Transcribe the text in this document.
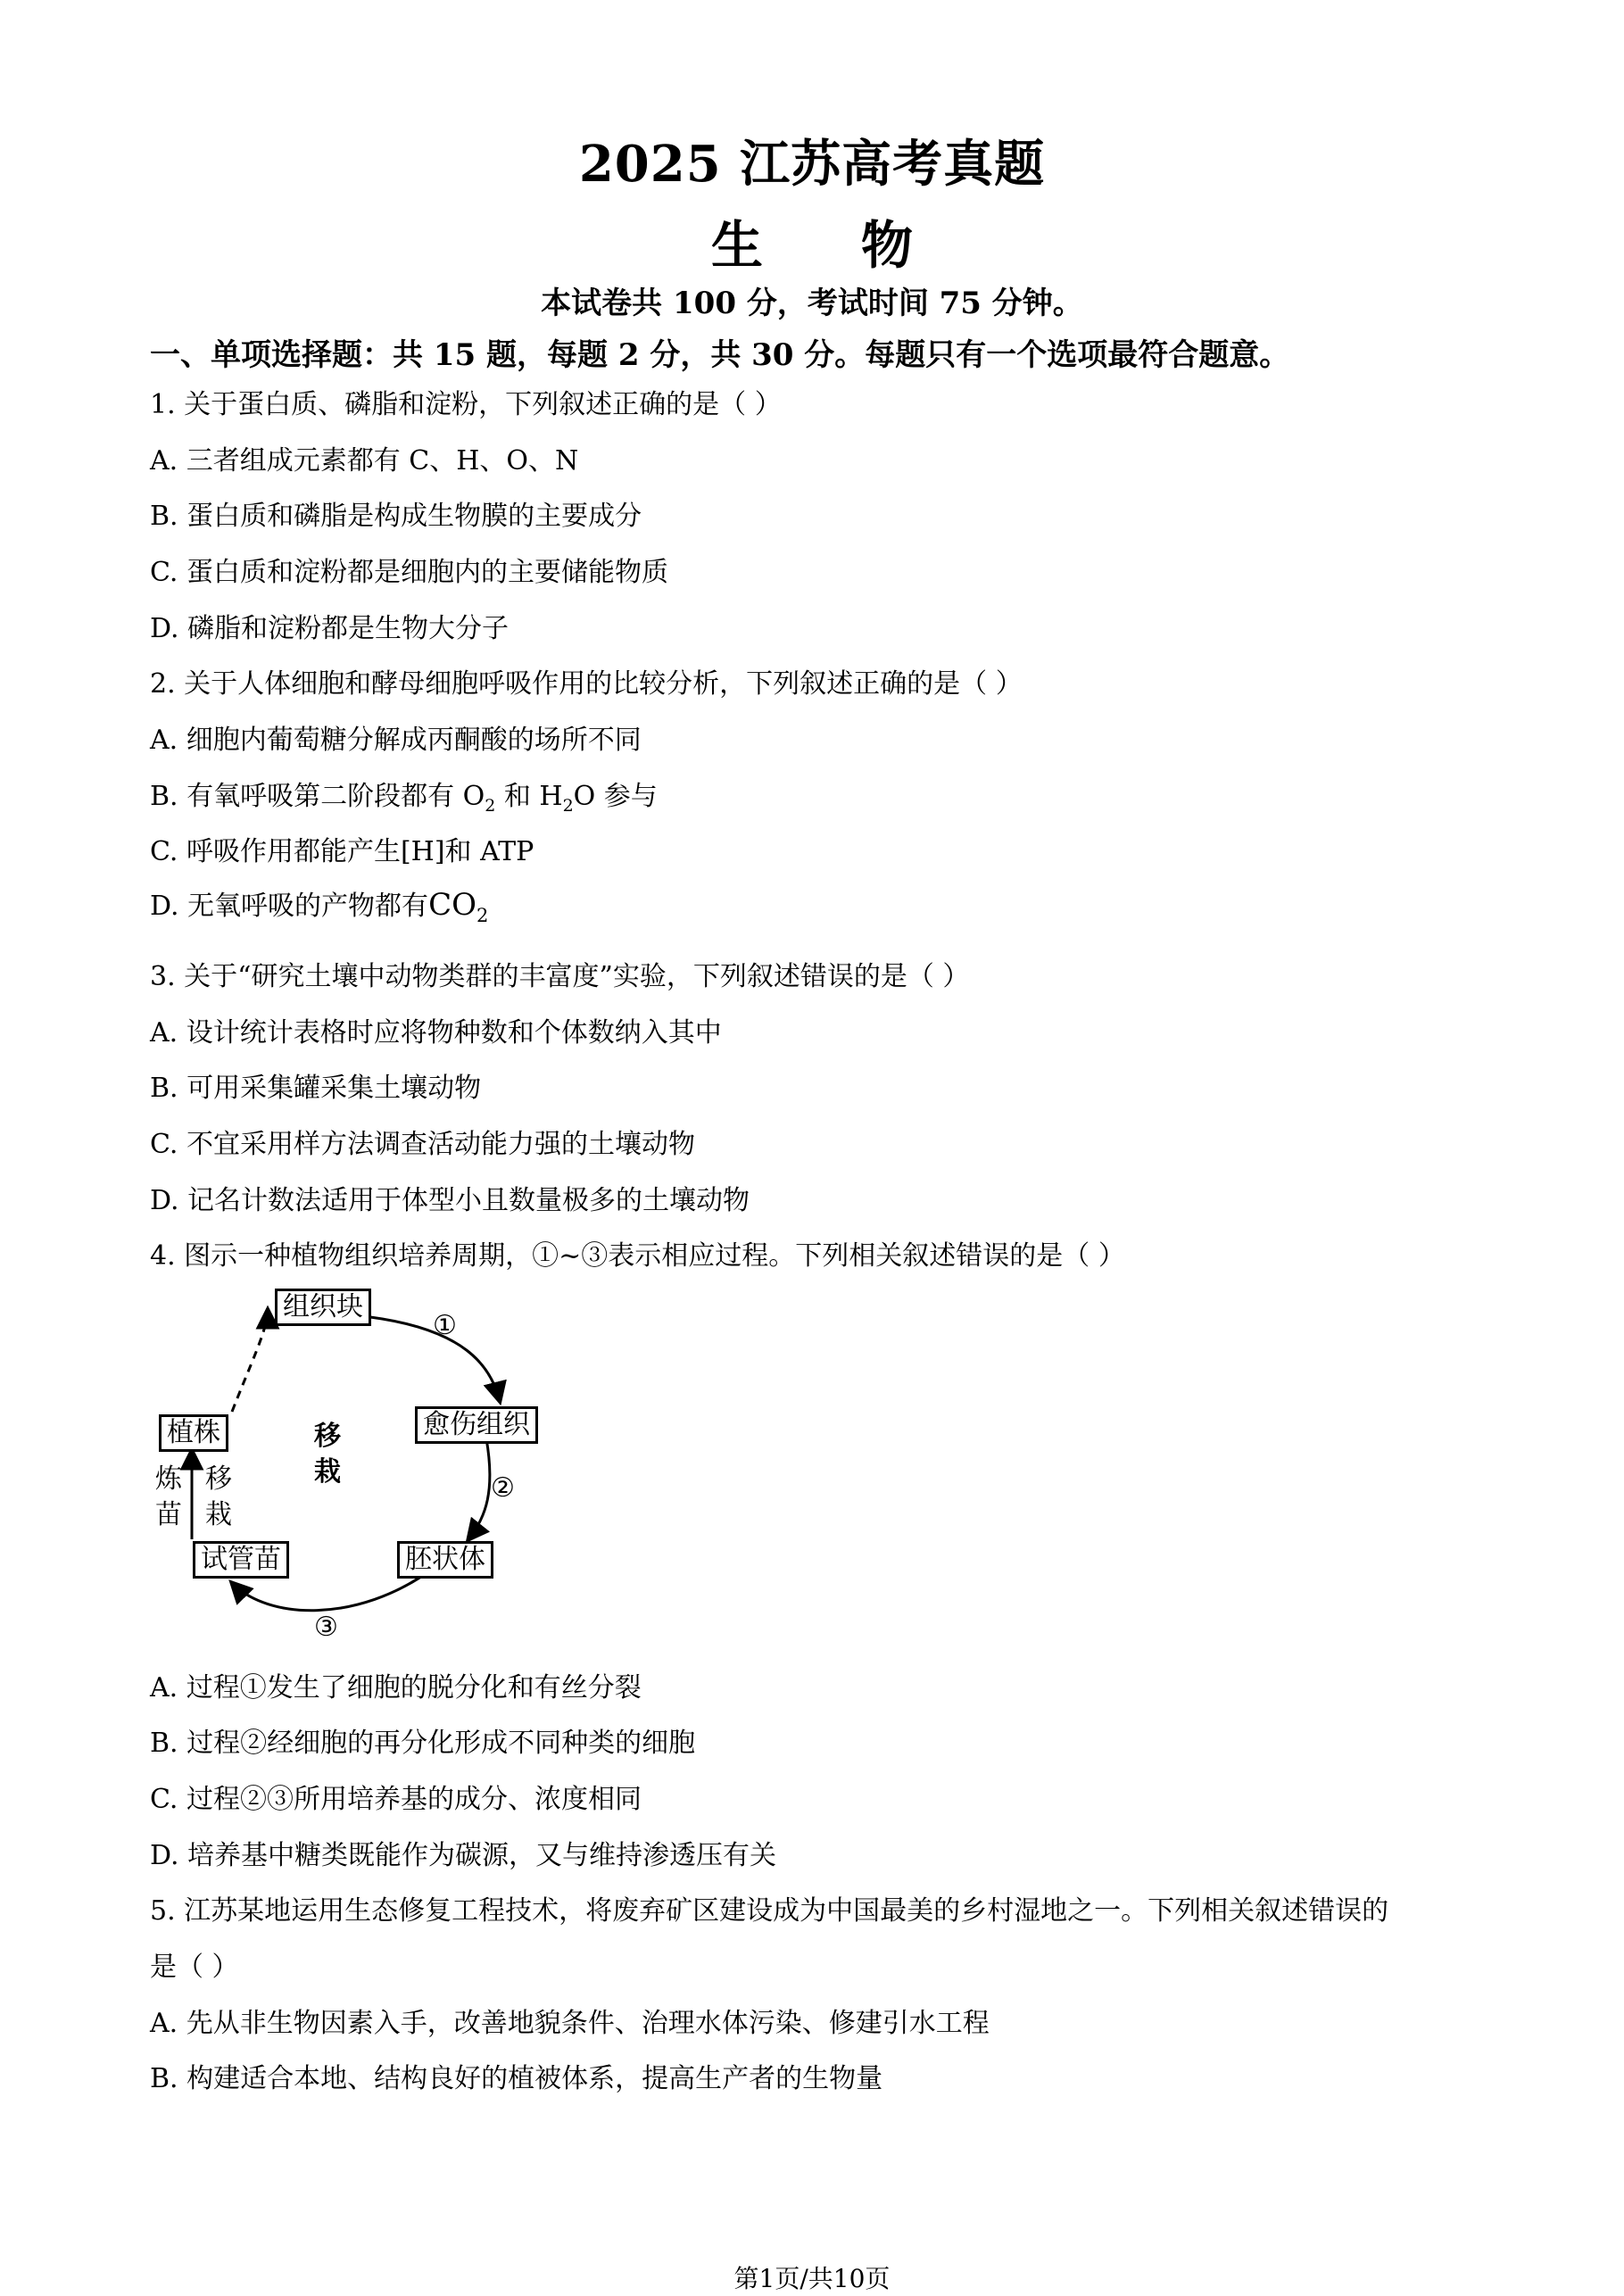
2025 江苏高考真题
生 物
本试卷共 100 分，考试时间 75 分钟。
一、单项选择题：共 15 题，每题 2 分，共 30 分。每题只有一个选项最符合题意。
1. 关于蛋白质、磷脂和淀粉，下列叙述正确的是（ ）
A. 三者组成元素都有 C、H、O、N
B. 蛋白质和磷脂是构成生物膜的主要成分
C. 蛋白质和淀粉都是细胞内的主要储能物质
D. 磷脂和淀粉都是生物大分子
2. 关于人体细胞和酵母细胞呼吸作用的比较分析，下列叙述正确的是（ ）
A. 细胞内葡萄糖分解成丙酮酸的场所不同
B. 有氧呼吸第二阶段都有 $O_2$ 和 $H_2O$ 参与
C. 呼吸作用都能产生[H]和 ATP
D. 无氧呼吸的产物都有$CO_2$
3. 关于“研究土壤中动物类群的丰富度”实验，下列叙述错误的是（ ）
A. 设计统计表格时应将物种数和个体数纳入其中
B. 可用采集罐采集土壤动物
C. 不宜采用样方法调查活动能力强的土壤动物
D. 记名计数法适用于体型小且数量极多的土壤动物
4. 图示一种植物组织培养周期，①~③表示相应过程。下列相关叙述错误的是（ ）
组织块
愈伤组织
胚状体
试管苗
植株
①
②
③
移
栽
炼
苗
移
栽
A. 过程①发生了细胞的脱分化和有丝分裂
B. 过程②经细胞的再分化形成不同种类的细胞
C. 过程②③所用培养基的成分、浓度相同
D. 培养基中糖类既能作为碳源，又与维持渗透压有关
5. 江苏某地运用生态修复工程技术，将废弃矿区建设成为中国最美的乡村湿地之一。下列相关叙述错误的
是（ ）
A. 先从非生物因素入手，改善地貌条件、治理水体污染、修建引水工程
B. 构建适合本地、结构良好的植被体系，提高生产者的生物量
第1页/共10页
